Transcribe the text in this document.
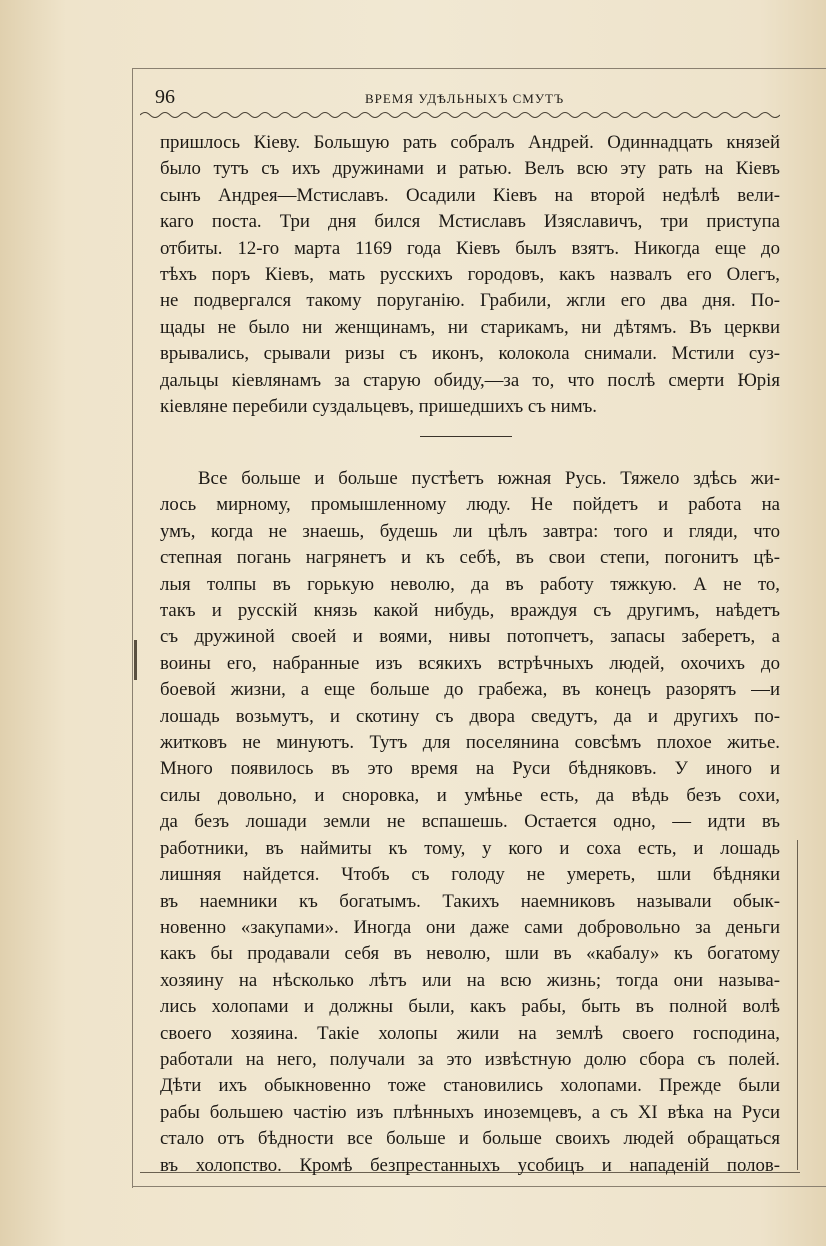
96	ВРЕМЯ УДѢЛЬНЫХЪ СМУТЪ
пришлось Кіеву. Большую рать собралъ Андрей. Одиннадцать князей
было тутъ съ ихъ дружинами и ратью. Велъ всю эту рать на Кіевъ
сынъ Андрея—Мстиславъ. Осадили Кіевъ на второй недѣлѣ вели-
каго поста. Три дня бился Мстиславъ Изяславичъ, три приступа
отбиты. 12-го марта 1169 года Кіевъ былъ взятъ. Никогда еще до
тѣхъ поръ Кіевъ, мать русскихъ городовъ, какъ назвалъ его Олегъ,
не подвергался такому поруганію. Грабили, жгли его два дня. По-
щады не было ни женщинамъ, ни старикамъ, ни дѣтямъ. Въ церкви
врывались, срывали ризы съ иконъ, колокола снимали. Мстили суз-
дальцы кіевлянамъ за старую обиду,—за то, что послѣ смерти Юрія
кіевляне перебили суздальцевъ, пришедшихъ съ нимъ.
Все больше и больше пустѣетъ южная Русь. Тяжело здѣсь жи-
лось мирному, промышленному люду. Не пойдетъ и работа на
умъ, когда не знаешь, будешь ли цѣлъ завтра: того и гляди, что
степная погань нагрянетъ и къ себѣ, въ свои степи, погонитъ цѣ-
лыя толпы въ горькую неволю, да въ работу тяжкую. А не то,
такъ и русскій князь какой нибудь, враждуя съ другимъ, наѣдетъ
съ дружиной своей и воями, нивы потопчетъ, запасы заберетъ, а
воины его, набранные изъ всякихъ встрѣчныхъ людей, охочихъ до
боевой жизни, а еще больше до грабежа, въ конецъ разорятъ —и
лошадь возьмутъ, и скотину съ двора сведутъ, да и другихъ по-
житковъ не минуютъ. Тутъ для поселянина совсѣмъ плохое житье.
Много появилось въ это время на Руси бѣдняковъ. У иного и
силы довольно, и сноровка, и умѣнье есть, да вѣдь безъ сохи,
да безъ лошади земли не вспашешь. Остается одно, — идти въ
работники, въ наймиты къ тому, у кого и соха есть, и лошадь
лишняя найдется. Чтобъ съ голоду не умереть, шли бѣдняки
въ наемники къ богатымъ. Такихъ наемниковъ называли обык-
новенно «закупами». Иногда они даже сами добровольно за деньги
какъ бы продавали себя въ неволю, шли въ «кабалу» къ богатому
хозяину на нѣсколько лѣтъ или на всю жизнь; тогда они называ-
лись холопами и должны были, какъ рабы, быть въ полной волѣ
своего хозяина. Такіе холопы жили на землѣ своего господина,
работали на него, получали за это извѣстную долю сбора съ полей.
Дѣти ихъ обыкновенно тоже становились холопами. Прежде были
рабы большею частію изъ плѣнныхъ иноземцевъ, а съ XI вѣка на Руси
стало отъ бѣдности все больше и больше своихъ людей обращаться
въ холопство. Кромѣ безпрестанныхъ усобицъ и нападеній полов-
